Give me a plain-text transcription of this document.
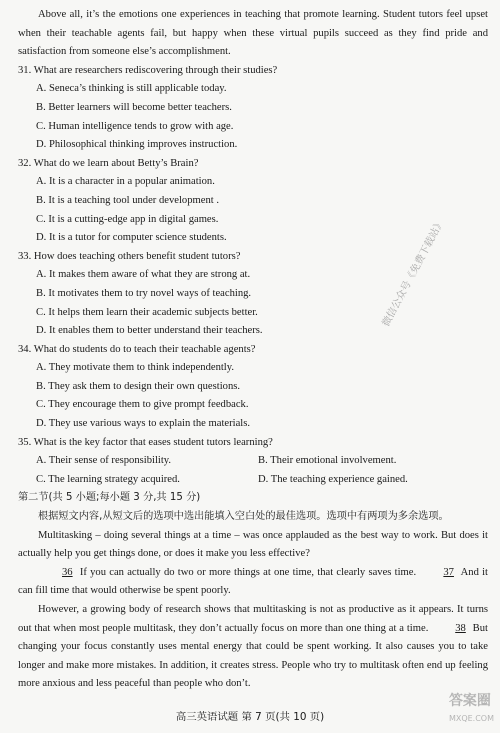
Above all, it’s the emotions one experiences in teaching that promote learning. Student tutors feel upset when their teachable agents fail, but happy when these virtual pupils succeed as they find pride and satisfaction from someone else’s accomplishment.

31. What are researchers rediscovering through their studies?

A. Seneca’s thinking is still applicable today.

B. Better learners will become better teachers.

C. Human intelligence tends to grow with age.

D. Philosophical thinking improves instruction.

32. What do we learn about Betty’s Brain?

A. It is a character in a popular animation.

B. It is a teaching tool under development .

C. It is a cutting-edge app in digital games.

D. It is a tutor for computer science students.

33. How does teaching others benefit student tutors?

A. It makes them aware of what they are strong at.

B. It motivates them to try novel ways of teaching.

C. It helps them learn their academic subjects better.

D. It enables them to better understand their teachers.

34. What do students do to teach their teachable agents?

A. They motivate them to think independently.

B. They ask them to design their own questions.

C. They encourage them to give prompt feedback.

D. They use various ways to explain the materials.

35. What is the key factor that eases student tutors learning?

A. Their sense of responsibility.	B. Their emotional involvement.
C. The learning strategy acquired.	D. The teaching experience gained.

第二节(共 5 小题;每小题 3 分,共 15 分)

根据短文内容,从短文后的选项中选出能填入空白处的最佳选项。选项中有两项为多余选项。

Multitasking – doing several things at a time – was once applauded as the best way to work. But does it actually help you get things done, or does it make you less effective?

36 If you can actually do two or more things at one time, that clearly saves time. 37 And it can fill time that would otherwise be spent poorly.

However, a growing body of research shows that multitasking is not as productive as it appears. It turns out that when most people multitask, they don’t actually focus on more than one thing at a time. 38 But changing your focus constantly uses mental energy that could be spent working. It also causes you to take longer and make more mistakes. In addition, it creates stress. People who try to multitask often end up feeling more anxious and less peaceful than people who don’t.

微信公众号《免费下载站》
高三英语试题 第 7 页(共 10 页)
答案圈
MXQE.COM
